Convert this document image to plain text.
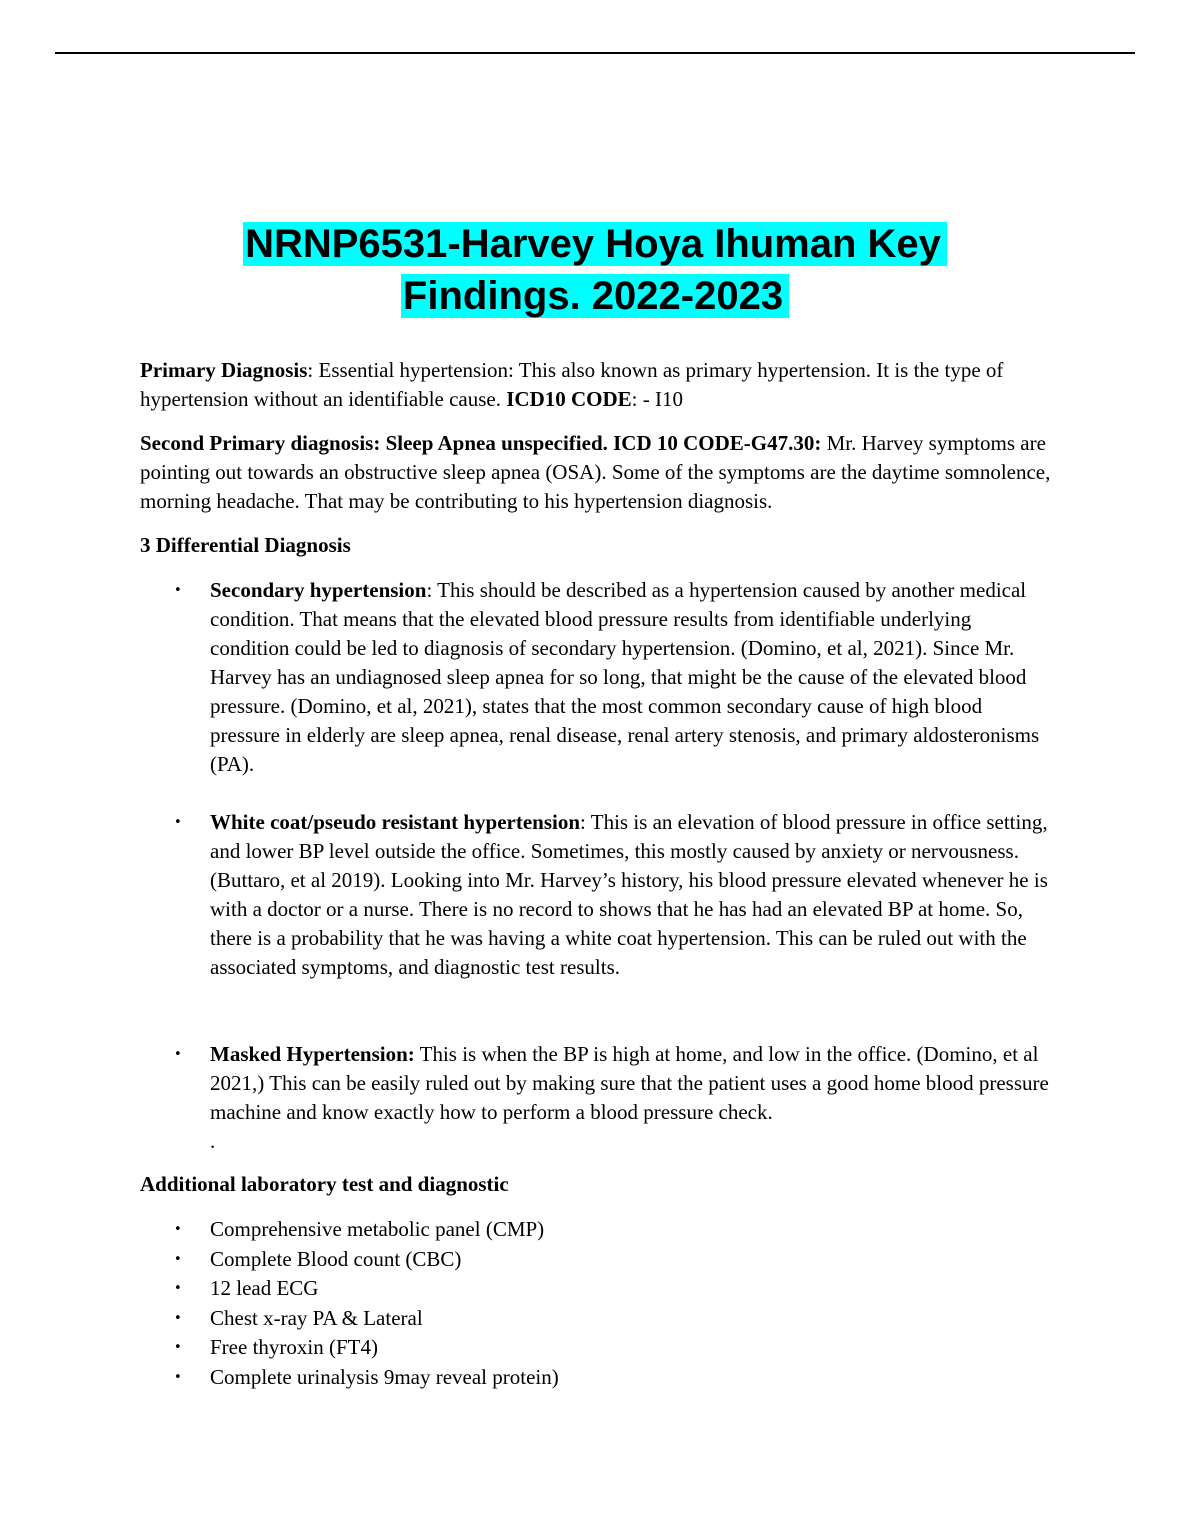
NRNP6531-Harvey Hoya Ihuman Key
Findings. 2022-2023

Primary Diagnosis: Essential hypertension: This also known as primary hypertension. It is the type of hypertension without an identifiable cause. ICD10 CODE: - I10

Second Primary diagnosis: Sleep Apnea unspecified. ICD 10 CODE-G47.30: Mr. Harvey symptoms are pointing out towards an obstructive sleep apnea (OSA). Some of the symptoms are the daytime somnolence, morning headache. That may be contributing to his hypertension diagnosis.

3 Differential Diagnosis

• Secondary hypertension: This should be described as a hypertension caused by another medical condition. That means that the elevated blood pressure results from identifiable underlying condition could be led to diagnosis of secondary hypertension. (Domino, et al, 2021). Since Mr. Harvey has an undiagnosed sleep apnea for so long, that might be the cause of the elevated blood pressure. (Domino, et al, 2021), states that the most common secondary cause of high blood pressure in elderly are sleep apnea, renal disease, renal artery stenosis, and primary aldosteronisms (PA).
• White coat/pseudo resistant hypertension: This is an elevation of blood pressure in office setting, and lower BP level outside the office. Sometimes, this mostly caused by anxiety or nervousness. (Buttaro, et al 2019). Looking into Mr. Harvey’s history, his blood pressure elevated whenever he is with a doctor or a nurse. There is no record to shows that he has had an elevated BP at home. So, there is a probability that he was having a white coat hypertension. This can be ruled out with the associated symptoms, and diagnostic test results.
• Masked Hypertension: This is when the BP is high at home, and low in the office. (Domino, et al 2021,) This can be easily ruled out by making sure that the patient uses a good home blood pressure machine and know exactly how to perform a blood pressure check.

.

Additional laboratory test and diagnostic

• Comprehensive metabolic panel (CMP)
• Complete Blood count (CBC)
• 12 lead ECG
• Chest x-ray PA & Lateral
• Free thyroxin (FT4)
• Complete urinalysis 9may reveal protein)
